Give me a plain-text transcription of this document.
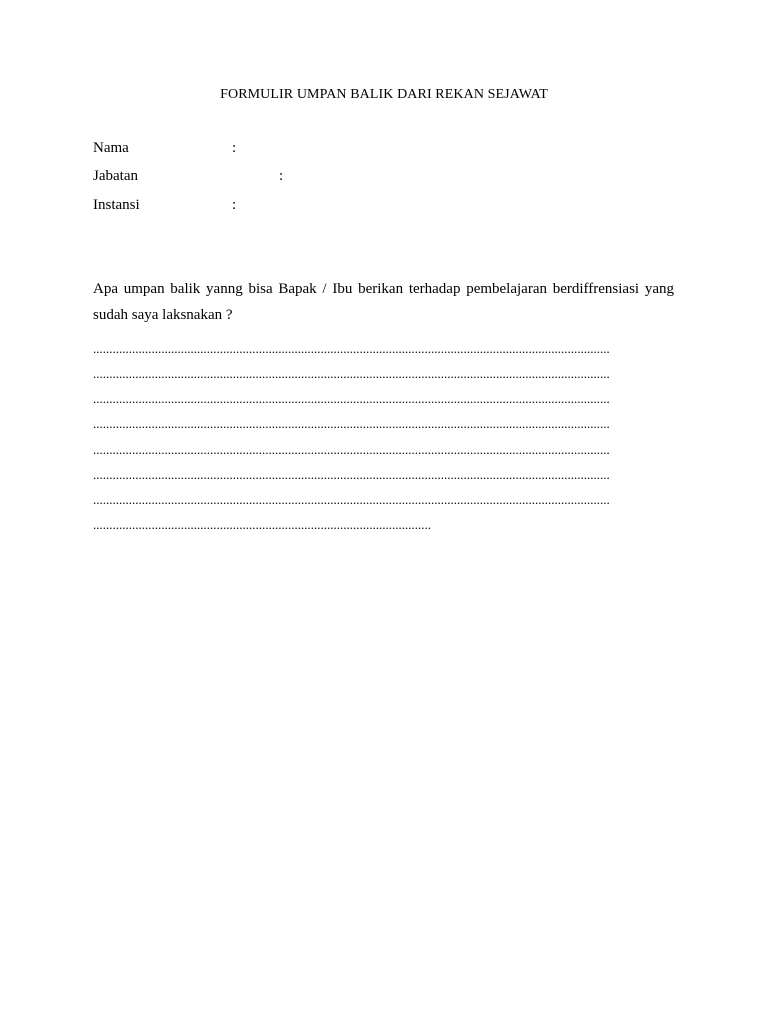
FORMULIR UMPAN BALIK DARI REKAN SEJAWAT
Nama	:
Jabatan	:
Instansi	:
Apa umpan balik yanng bisa Bapak / Ibu berikan terhadap pembelajaran berdiffrensiasi yang sudah saya laksnakan ?
...............................................................................................................................................................
...............................................................................................................................................................
...............................................................................................................................................................
...............................................................................................................................................................
...............................................................................................................................................................
...............................................................................................................................................................
...............................................................................................................................................................
........................................................................................................
